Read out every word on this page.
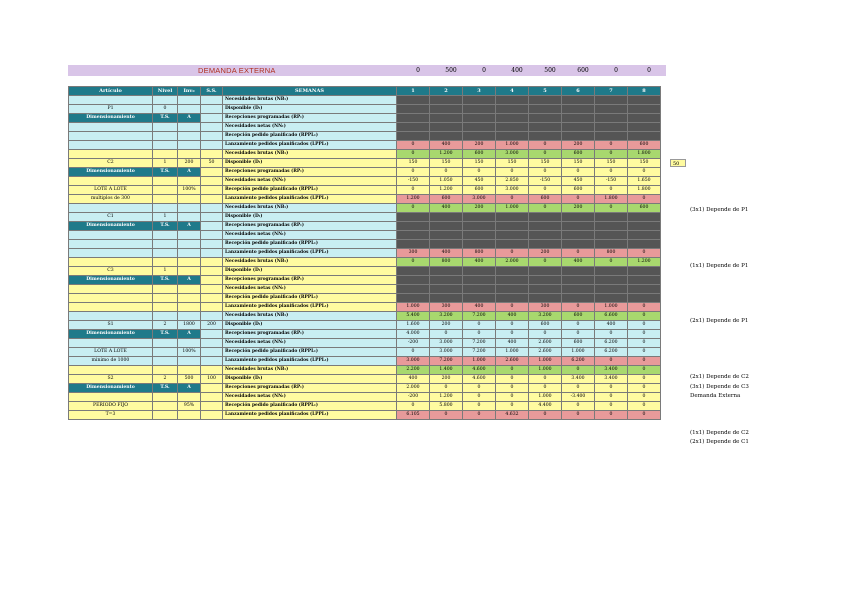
DEMANDA EXTERNA	0	500	0	400	500	600	0	0
Artículo	Nivel	Inv₀	S.S.	SEMANAS	1	2	3	4	5	6	7	8
				Necesidades brutas (NBₜ)								
P1	0			Disponible (Dₜ)								
Dimensionamiento	T.S.	A		Recepciones programadas (RPₜ)								
				Necesidades netas (NNₜ)								
				Recepción pedido planificado (RPPLₜ)								
				Lanzamiento pedidos planificados (LPPLₜ)	0	400	200	1.000	0	200	0	600
				Necesidades brutas (NBₜ)	0	1.200	600	3.000	0	600	0	1.800
C2	1	200	50	Disponible (Dₜ)	150	150	150	150	150	150	150	150
Dimensionamiento	T.S.	A		Recepciones programadas (RPₜ)	0	0	0	0	0	0	0	0
				Necesidades netas (NNₜ)	-150	1.050	450	2.850	-150	450	-150	1.650
LOTE A LOTE		100%		Recepción pedido planificado (RPPLₜ)	0	1.200	600	3.000	0	600	0	1.800
multiplos de 300				Lanzamiento pedidos planificados (LPPLₜ)	1.200	600	3.000	0	600	0	1.800	0
				Necesidades brutas (NBₜ)	0	400	200	1.000	0	200	0	600
C1	1			Disponible (Dₜ)								
Dimensionamiento	T.S.	A		Recepciones programadas (RPₜ)								
				Necesidades netas (NNₜ)								
				Recepción pedido planificado (RPPLₜ)								
				Lanzamiento pedidos planificados (LPPLₜ)	300	400	800	0	200	0	800	0
				Necesidades brutas (NBₜ)	0	800	400	2.000	0	400	0	1.200
C3	1			Disponible (Dₜ)								
Dimensionamiento	T.S.	A		Recepciones programadas (RPₜ)								
				Necesidades netas (NNₜ)								
				Recepción pedido planificado (RPPLₜ)								
				Lanzamiento pedidos planificados (LPPLₜ)	1.000	300	400	0	300	0	1.000	0
				Necesidades brutas (NBₜ)	5.400	3.200	7.200	400	3.200	600	6.600	0
S1	2	1800	200	Disponible (Dₜ)	1.600	200	0	0	600	0	400	0
Dimensionamiento	T.S.	A		Recepciones programadas (RPₜ)	4.000	0	0	0	0	0	0	0
				Necesidades netas (NNₜ)	-200	3.000	7.200	400	2.600	600	6.200	0
LOTE A LOTE		100%		Recepción pedido planificado (RPPLₜ)	0	3.000	7.200	1.000	2.600	1.000	6.200	0
minimo de 1000				Lanzamiento pedidos planificados (LPPLₜ)	3.000	7.200	1.000	2.600	1.000	6.200	0	0
				Necesidades brutas (NBₜ)	2.200	1.400	4.600	0	1.000	0	3.400	0
S2	2	500	100	Disponible (Dₜ)	400	200	4.600	0	0	3.400	3.400	0
Dimensionamiento	T.S.	A		Recepciones programadas (RPₜ)	2.000	0	0	0	0	0	0	0
				Necesidades netas (NNₜ)	-200	1.200	0	0	1.000	-3.400	0	0
PERIODO FIJO		95%		Recepción pedido planificado (RPPLₜ)	0	5.800	0	0	4.400	0	0	0
T=3				Lanzamiento pedidos planificados (LPPLₜ)	6.105	0	0	4.632	0	0	0	0
50
(3x1) Depende de P1
(1x1) Depende de P1
(2x1) Depende de P1
(2x1) Depende de C2
(3x1) Depende de C3
Demanda Externa
(1x1) Depende de C2
(2x1) Depende de C1
